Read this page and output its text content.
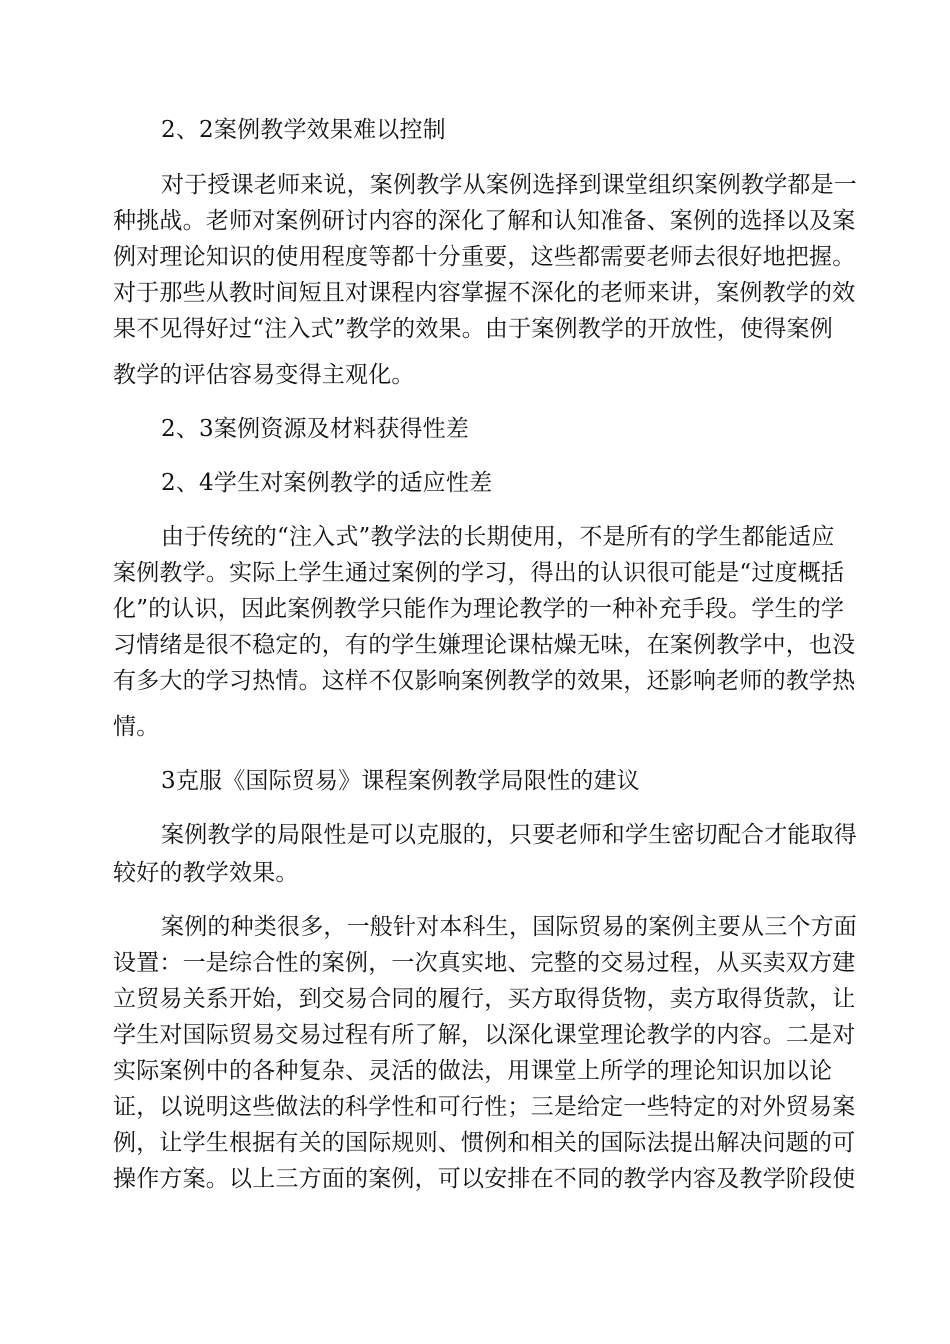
2、2案例教学效果难以控制
对于授课老师来说，案例教学从案例选择到课堂组织案例教学都是一
种挑战。老师对案例研讨内容的深化了解和认知准备、案例的选择以及案
例对理论知识的使用程度等都十分重要，这些都需要老师去很好地把握。
对于那些从教时间短且对课程内容掌握不深化的老师来讲，案例教学的效
果不见得好过“注入式”教学的效果。由于案例教学的开放性，使得案例
教学的评估容易变得主观化。
2、3案例资源及材料获得性差
2、4学生对案例教学的适应性差
由于传统的“注入式”教学法的长期使用，不是所有的学生都能适应
案例教学。实际上学生通过案例的学习，得出的认识很可能是“过度概括
化”的认识，因此案例教学只能作为理论教学的一种补充手段。学生的学
习情绪是很不稳定的，有的学生嫌理论课枯燥无味，在案例教学中，也没
有多大的学习热情。这样不仅影响案例教学的效果，还影响老师的教学热
情。
3克服《国际贸易》课程案例教学局限性的建议
案例教学的局限性是可以克服的，只要老师和学生密切配合才能取得
较好的教学效果。
案例的种类很多，一般针对本科生，国际贸易的案例主要从三个方面
设置：一是综合性的案例，一次真实地、完整的交易过程，从买卖双方建
立贸易关系开始，到交易合同的履行，买方取得货物，卖方取得货款，让
学生对国际贸易交易过程有所了解，以深化课堂理论教学的内容。二是对
实际案例中的各种复杂、灵活的做法，用课堂上所学的理论知识加以论
证，以说明这些做法的科学性和可行性；三是给定一些特定的对外贸易案
例，让学生根据有关的国际规则、惯例和相关的国际法提出解决问题的可
操作方案。以上三方面的案例，可以安排在不同的教学内容及教学阶段使
